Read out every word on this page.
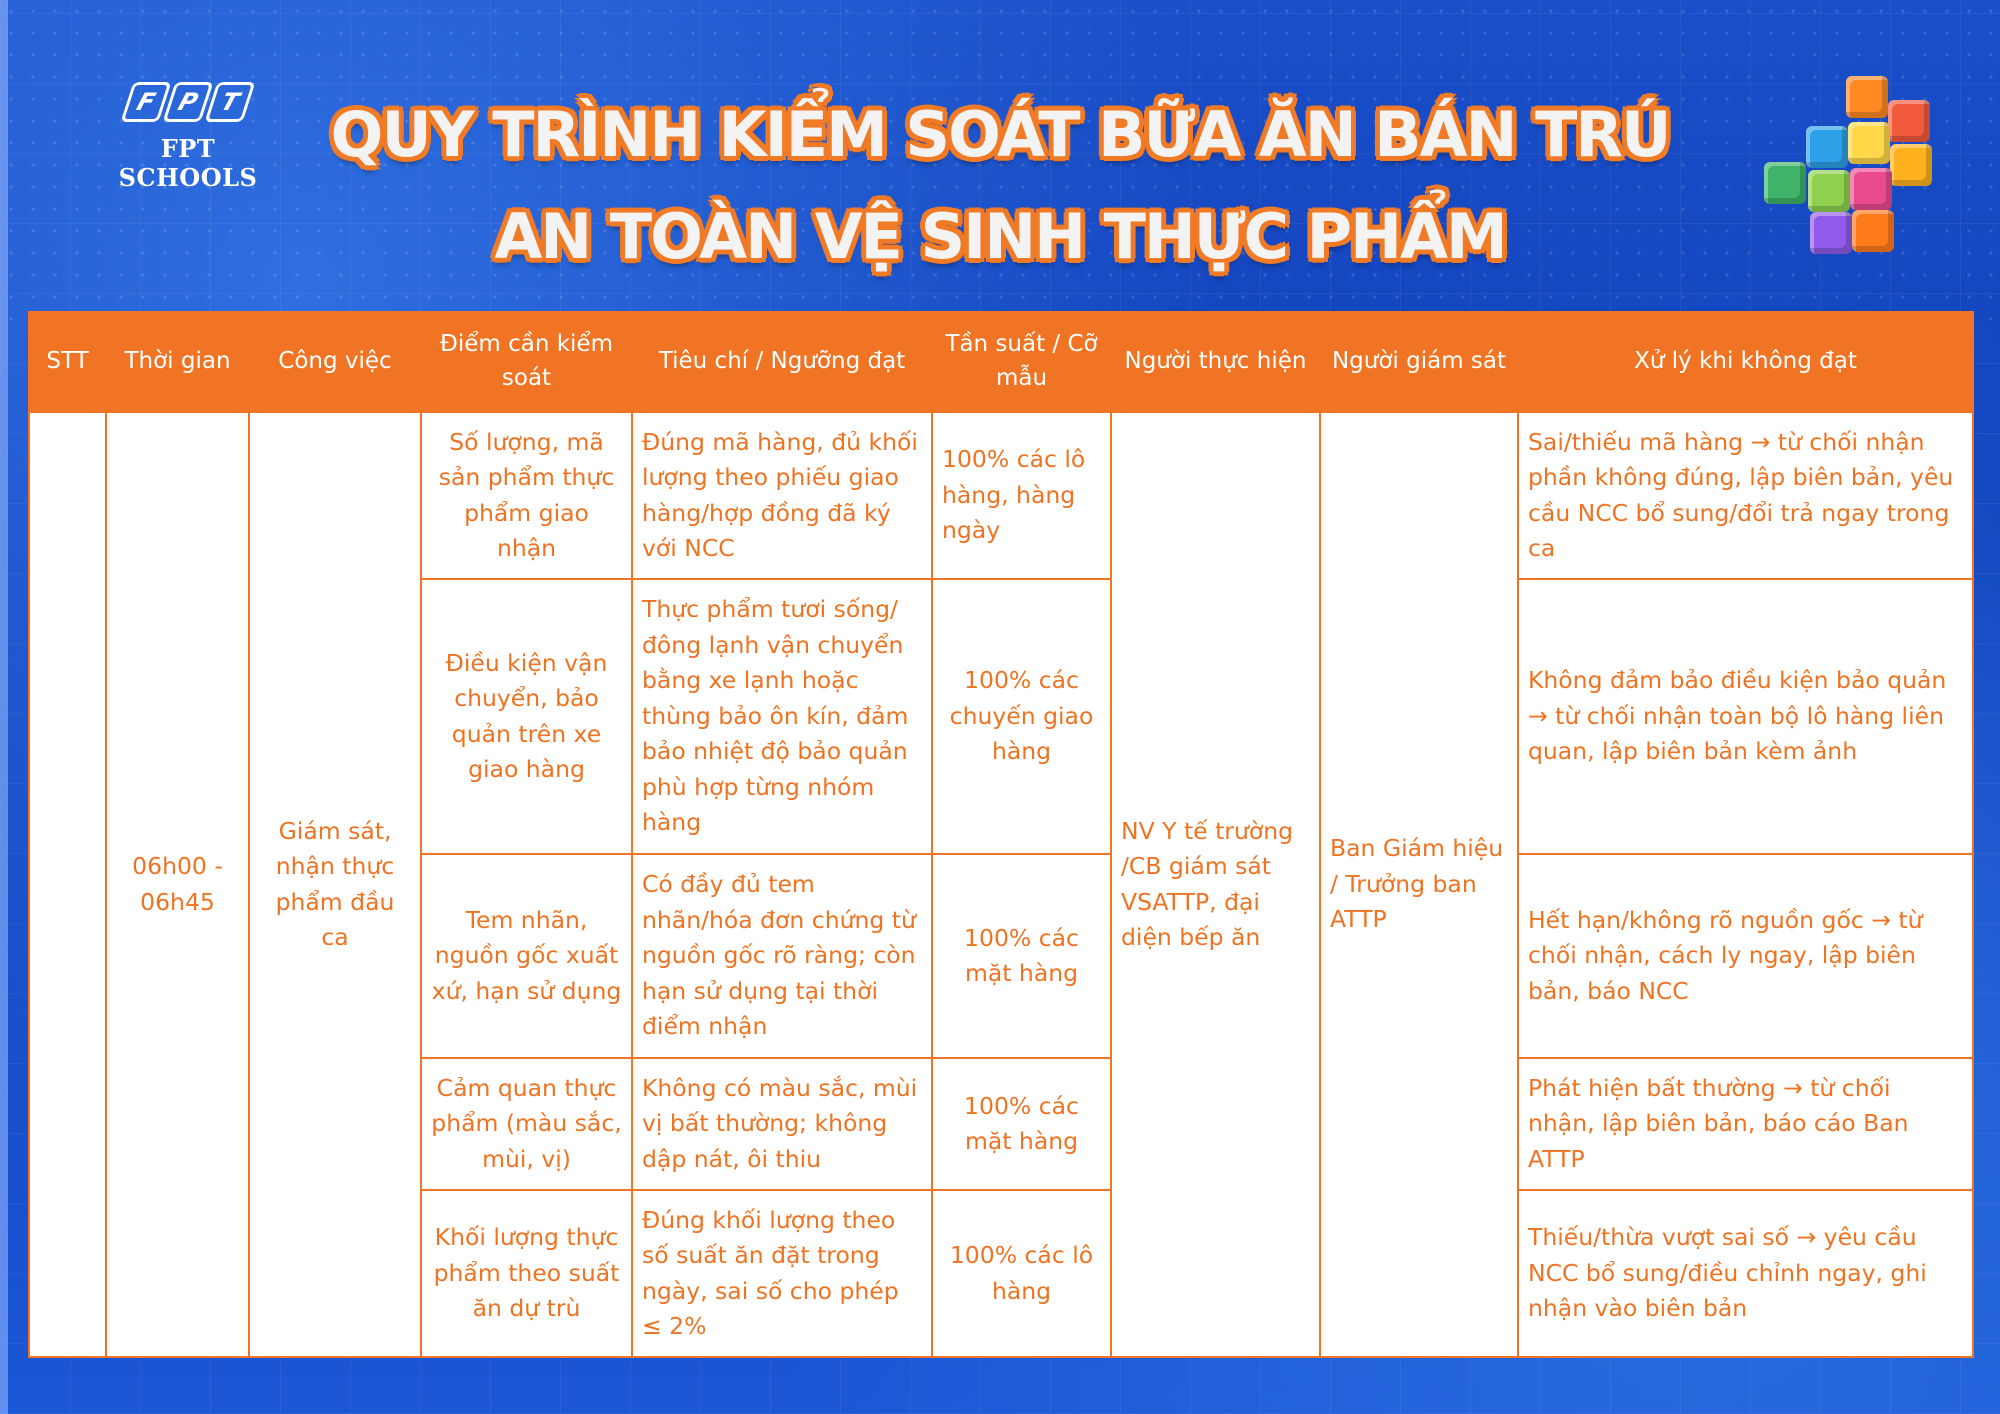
F P T
FPT SCHOOLS
QUY TRÌNH KIỂM SOÁT BỮA ĂN BÁN TRÚ
AN TOÀN VỆ SINH THỰC PHẨM
STT	Thời gian	Công việc	Điểm cần kiểm soát	Tiêu chí / Ngưỡng đạt	Tần suất / Cỡ mẫu	Người thực hiện	Người giám sát	Xử lý khi không đạt
	06h00 - 06h45	Giám sát, nhận thực phẩm đầu ca	Số lượng, mã sản phẩm thực phẩm giao nhận	Đúng mã hàng, đủ khối lượng theo phiếu giao hàng/hợp đồng đã ký với NCC	100% các lô hàng, hàng ngày	NV Y tế trường /CB giám sát VSATTP, đại diện bếp ăn	Ban Giám hiệu / Trưởng ban ATTP	Sai/thiếu mã hàng → từ chối nhận phần không đúng, lập biên bản, yêu cầu NCC bổ sung/đổi trả ngay trong ca
			Điều kiện vận chuyển, bảo quản trên xe giao hàng	Thực phẩm tươi sống/ đông lạnh vận chuyển bằng xe lạnh hoặc thùng bảo ôn kín, đảm bảo nhiệt độ bảo quản phù hợp từng nhóm hàng	100% các chuyến giao hàng			Không đảm bảo điều kiện bảo quản → từ chối nhận toàn bộ lô hàng liên quan, lập biên bản kèm ảnh
			Tem nhãn, nguồn gốc xuất xứ, hạn sử dụng	Có đầy đủ tem nhãn/hóa đơn chứng từ nguồn gốc rõ ràng; còn hạn sử dụng tại thời điểm nhận	100% các mặt hàng			Hết hạn/không rõ nguồn gốc → từ chối nhận, cách ly ngay, lập biên bản, báo NCC
			Cảm quan thực phẩm (màu sắc, mùi, vị)	Không có màu sắc, mùi vị bất thường; không dập nát, ôi thiu	100% các mặt hàng			Phát hiện bất thường → từ chối nhận, lập biên bản, báo cáo Ban ATTP
			Khối lượng thực phẩm theo suất ăn dự trù	Đúng khối lượng theo số suất ăn đặt trong ngày, sai số cho phép ≤ 2%	100% các lô hàng			Thiếu/thừa vượt sai số → yêu cầu NCC bổ sung/điều chỉnh ngay, ghi nhận vào biên bản
